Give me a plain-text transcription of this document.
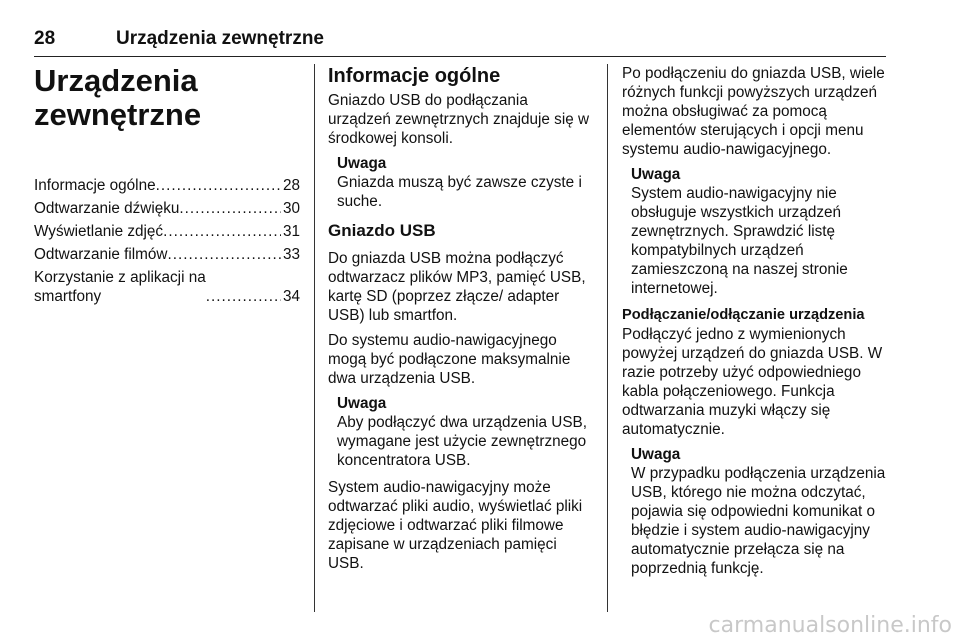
28	Urządzenia zewnętrzne
Urządzenia
zewnętrzne
Informacje ogólne .....	28
Odtwarzanie dźwięku .....	30
Wyświetlanie zdjęć .....	31
Odtwarzanie filmów .....	33
Korzystanie z aplikacji na
smartfony .....	34
Informacje ogólne

Gniazdo USB do podłączania urządzeń zewnętrznych znajduje się w środkowej konsoli.

Uwaga
Gniazda muszą być zawsze czyste i suche.
Gniazdo USB

Do gniazda USB można podłączyć odtwarzacz plików MP3, pamięć USB, kartę SD (poprzez złącze/ adapter USB) lub smartfon.

Do systemu audio-nawigacyjnego mogą być podłączone maksymalnie dwa urządzenia USB.

Uwaga
Aby podłączyć dwa urządzenia USB, wymagane jest użycie zewnętrznego koncentratora USB.

System audio-nawigacyjny może odtwarzać pliki audio, wyświetlać pliki zdjęciowe i odtwarzać pliki filmowe zapisane w urządzeniach pamięci USB.

Po podłączeniu do gniazda USB, wiele różnych funkcji powyższych urządzeń można obsługiwać za pomocą elementów sterujących i opcji menu systemu audio-nawigacyjnego.

Uwaga
System audio-nawigacyjny nie obsługuje wszystkich urządzeń zewnętrznych. Sprawdzić listę kompatybilnych urządzeń zamieszczoną na naszej stronie internetowej.
Podłączanie/odłączanie urządzenia

Podłączyć jedno z wymienionych powyżej urządzeń do gniazda USB. W razie potrzeby użyć odpowiedniego kabla połączeniowego. Funkcja odtwarzania muzyki włączy się automatycznie.

Uwaga
W przypadku podłączenia urządzenia USB, którego nie można odczytać, pojawia się odpowiedni komunikat o błędzie i system audio-nawigacyjny automatycznie przełącza się na poprzednią funkcję.
carmanualsonline.info
